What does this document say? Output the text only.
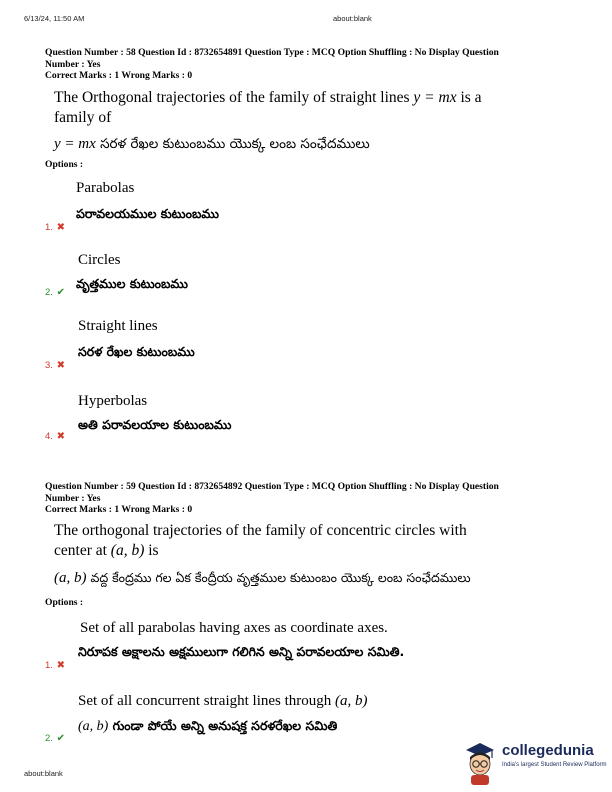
6/13/24, 11:50 AM	about:blank
Question Number : 58 Question Id : 8732654891 Question Type : MCQ Option Shuffling : No Display Question
Number : Yes
Correct Marks : 1 Wrong Marks : 0
The Orthogonal trajectories of the family of straight lines y = mx is a
family of
y = mx సరళ రేఖల కుటుంబము యొక్క లంబ సంఛేదములు
Options :
Parabolas
పరావలయముల కుటుంబము
1. ✖
Circles
వృత్తముల కుటుంబము
2. ✔
Straight lines
సరళ రేఖల కుటుంబము
3. ✖
Hyperbolas
అతి పరావలయాల కుటుంబము
4. ✖
Question Number : 59 Question Id : 8732654892 Question Type : MCQ Option Shuffling : No Display Question
Number : Yes
Correct Marks : 1 Wrong Marks : 0
The orthogonal trajectories of the family of concentric circles with
center at (a, b) is
(a, b) వద్ద కేంద్రము గల ఏక కేంద్రీయ వృత్తముల కుటుంబం యొక్క లంబ సంఛేదములు
Options :
Set of all parabolas having axes as coordinate axes.
నిరూపక అక్షాలను అక్షములుగా గలిగిన అన్ని పరావలయాల సమితి.
1. ✖
Set of all concurrent straight lines through (a, b)
(a, b) గుండా పోయే అన్ని అనుషక్త సరళరేఖల సమితి
2. ✔
about:blank
collegedunia
India's largest Student Review Platform
